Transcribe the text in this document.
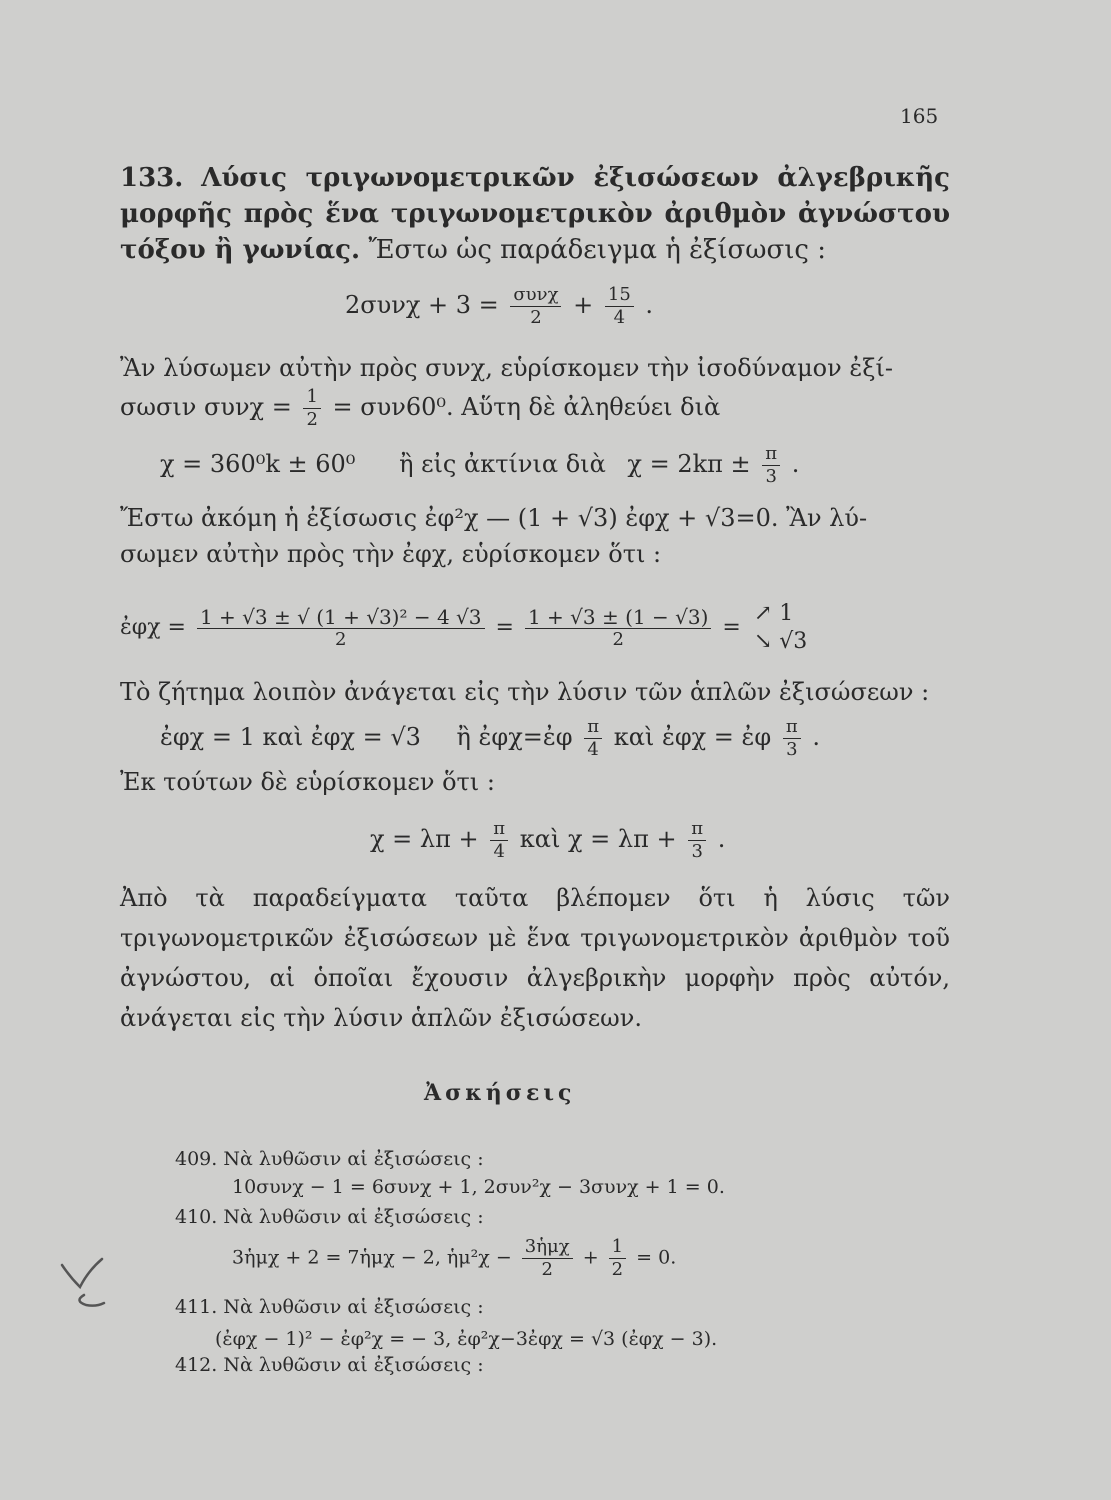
165
133. Λύσις τριγωνομετρικῶν ἐξισώσεων ἀλγεβρικῆς μορφῆς πρὸς ἕνα τριγωνομετρικὸν ἀριθμὸν ἀγνώστου τόξου ἢ γωνίας. Ἔστω ὡς παράδειγμα ἡ ἐξίσωσις :
$2\sigma\upsilon\nu\chi + 3 = \frac{\text{συνχ}}{2} + \frac{15}{4}$ .
Ἂν λύσωμεν αὐτὴν πρὸς συνχ, εὑρίσκομεν τὴν ἰσοδύναμον ἐξί-
σωσιν $\sigma\upsilon\nu\chi = \frac{1}{2} = \sigma\upsilon\nu 60^0$. Αὕτη δὲ ἀληθεύει διὰ
χ = 360⁰k ± 60⁰ ἢ εἰς ἀκτίνια διὰ $\chi = 2k\pi \pm \frac{\pi}{3}$ .
Ἔστω ἀκόμη ἡ ἐξίσωσις ἐφ²χ — (1 + √3) ἐφχ + √3=0. Ἂν λύ-
σωμεν αὐτὴν πρὸς τὴν ἐφχ, εὑρίσκομεν ὅτι :
ἐφχ = $\frac{\text{1 + √3 ± √ (1 + √3)² − 4 √3}}{2} = \frac{1 + √3 \pm (1 - √3)}{2}$ =
↗ 1
↘ √3
Τὸ ζήτημα λοιπὸν ἀνάγεται εἰς τὴν λύσιν τῶν ἁπλῶν ἐξισώσεων :
ἐφχ = 1 καὶ ἐφχ = √3 ἢ ἐφχ=ἐφ $\frac{\pi}{4}$ καὶ ἐφχ = ἐφ $\frac{\pi}{3}$ .
Ἐκ τούτων δὲ εὑρίσκομεν ὅτι :
$\chi = \lambda\pi + \frac{\pi}{4}$ καὶ $\chi = \lambda\pi + \frac{\pi}{3}$ .
Ἀπὸ τὰ παραδείγματα ταῦτα βλέπομεν ὅτι ἡ λύσις τῶν τριγωνομετρικῶν ἐξισώσεων μὲ ἕνα τριγωνομετρικὸν ἀριθμὸν τοῦ ἀγνώστου, αἱ ὁποῖαι ἔχουσιν ἀλγεβρικὴν μορφὴν πρὸς αὐτόν, ἀνάγεται εἰς τὴν λύσιν ἁπλῶν ἐξισώσεων.
Ἀσκήσεις
409. Νὰ λυθῶσιν αἱ ἐξισώσεις :
10συνχ − 1 = 6συνχ + 1, 2συν²χ − 3συνχ + 1 = 0.
410. Νὰ λυθῶσιν αἱ ἐξισώσεις :
3ἡμχ + 2 = 7ἡμχ − 2, ἡμ²χ − $\frac{\text{3ἡμχ}}{2} + \frac{1}{2} = 0$.
411. Νὰ λυθῶσιν αἱ ἐξισώσεις :
(ἐφχ − 1)² − ἐφ²χ = − 3, ἐφ²χ−3ἐφχ = √3 (ἐφχ − 3).
412. Νὰ λυθῶσιν αἱ ἐξισώσεις :
